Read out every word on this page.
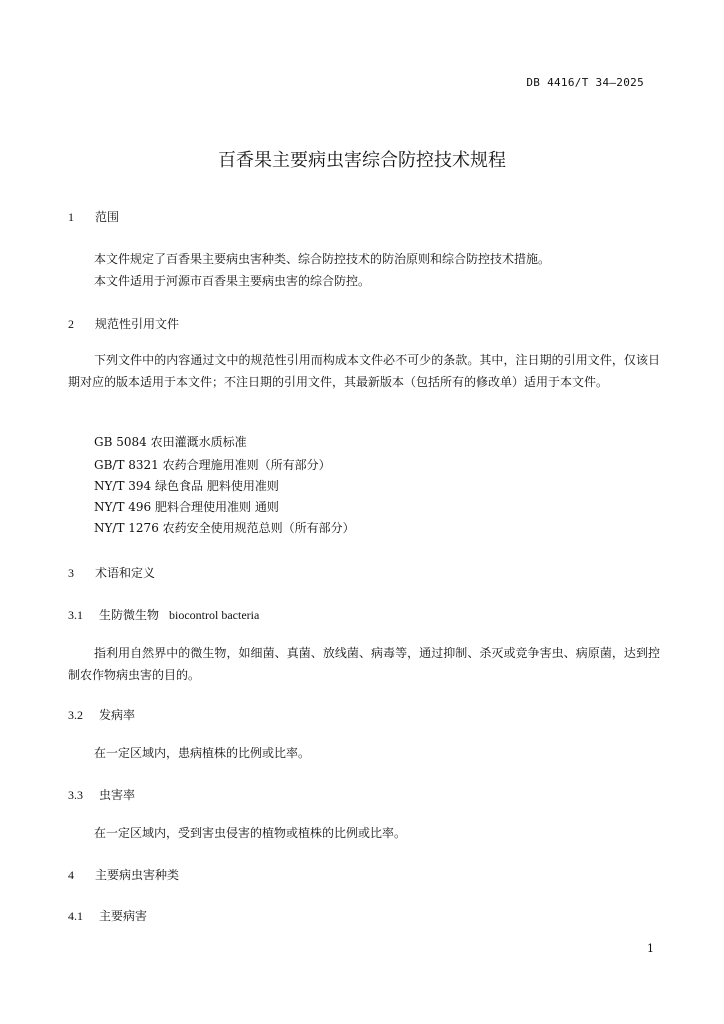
DB 4416/T 34—2025
百香果主要病虫害综合防控技术规程
1 范围
本文件规定了百香果主要病虫害种类、综合防控技术的防治原则和综合防控技术措施。
本文件适用于河源市百香果主要病虫害的综合防控。
2 规范性引用文件
下列文件中的内容通过文中的规范性引用而构成本文件必不可少的条款。其中，注日期的引用文件，仅该日期对应的版本适用于本文件；不注日期的引用文件，其最新版本（包括所有的修改单）适用于本文件。
GB 5084 农田灌溉水质标准
GB/T 8321 农药合理施用准则（所有部分）
NY/T 394 绿色食品 肥料使用准则
NY/T 496 肥料合理使用准则 通则
NY/T 1276 农药安全使用规范总则（所有部分）
3 术语和定义
3.1 生防微生物 biocontrol bacteria
指利用自然界中的微生物，如细菌、真菌、放线菌、病毒等，通过抑制、杀灭或竞争害虫、病原菌，达到控制农作物病虫害的目的。
3.2 发病率
在一定区域内，患病植株的比例或比率。
3.3 虫害率
在一定区域内，受到害虫侵害的植物或植株的比例或比率。
4 主要病虫害种类
4.1 主要病害
1
